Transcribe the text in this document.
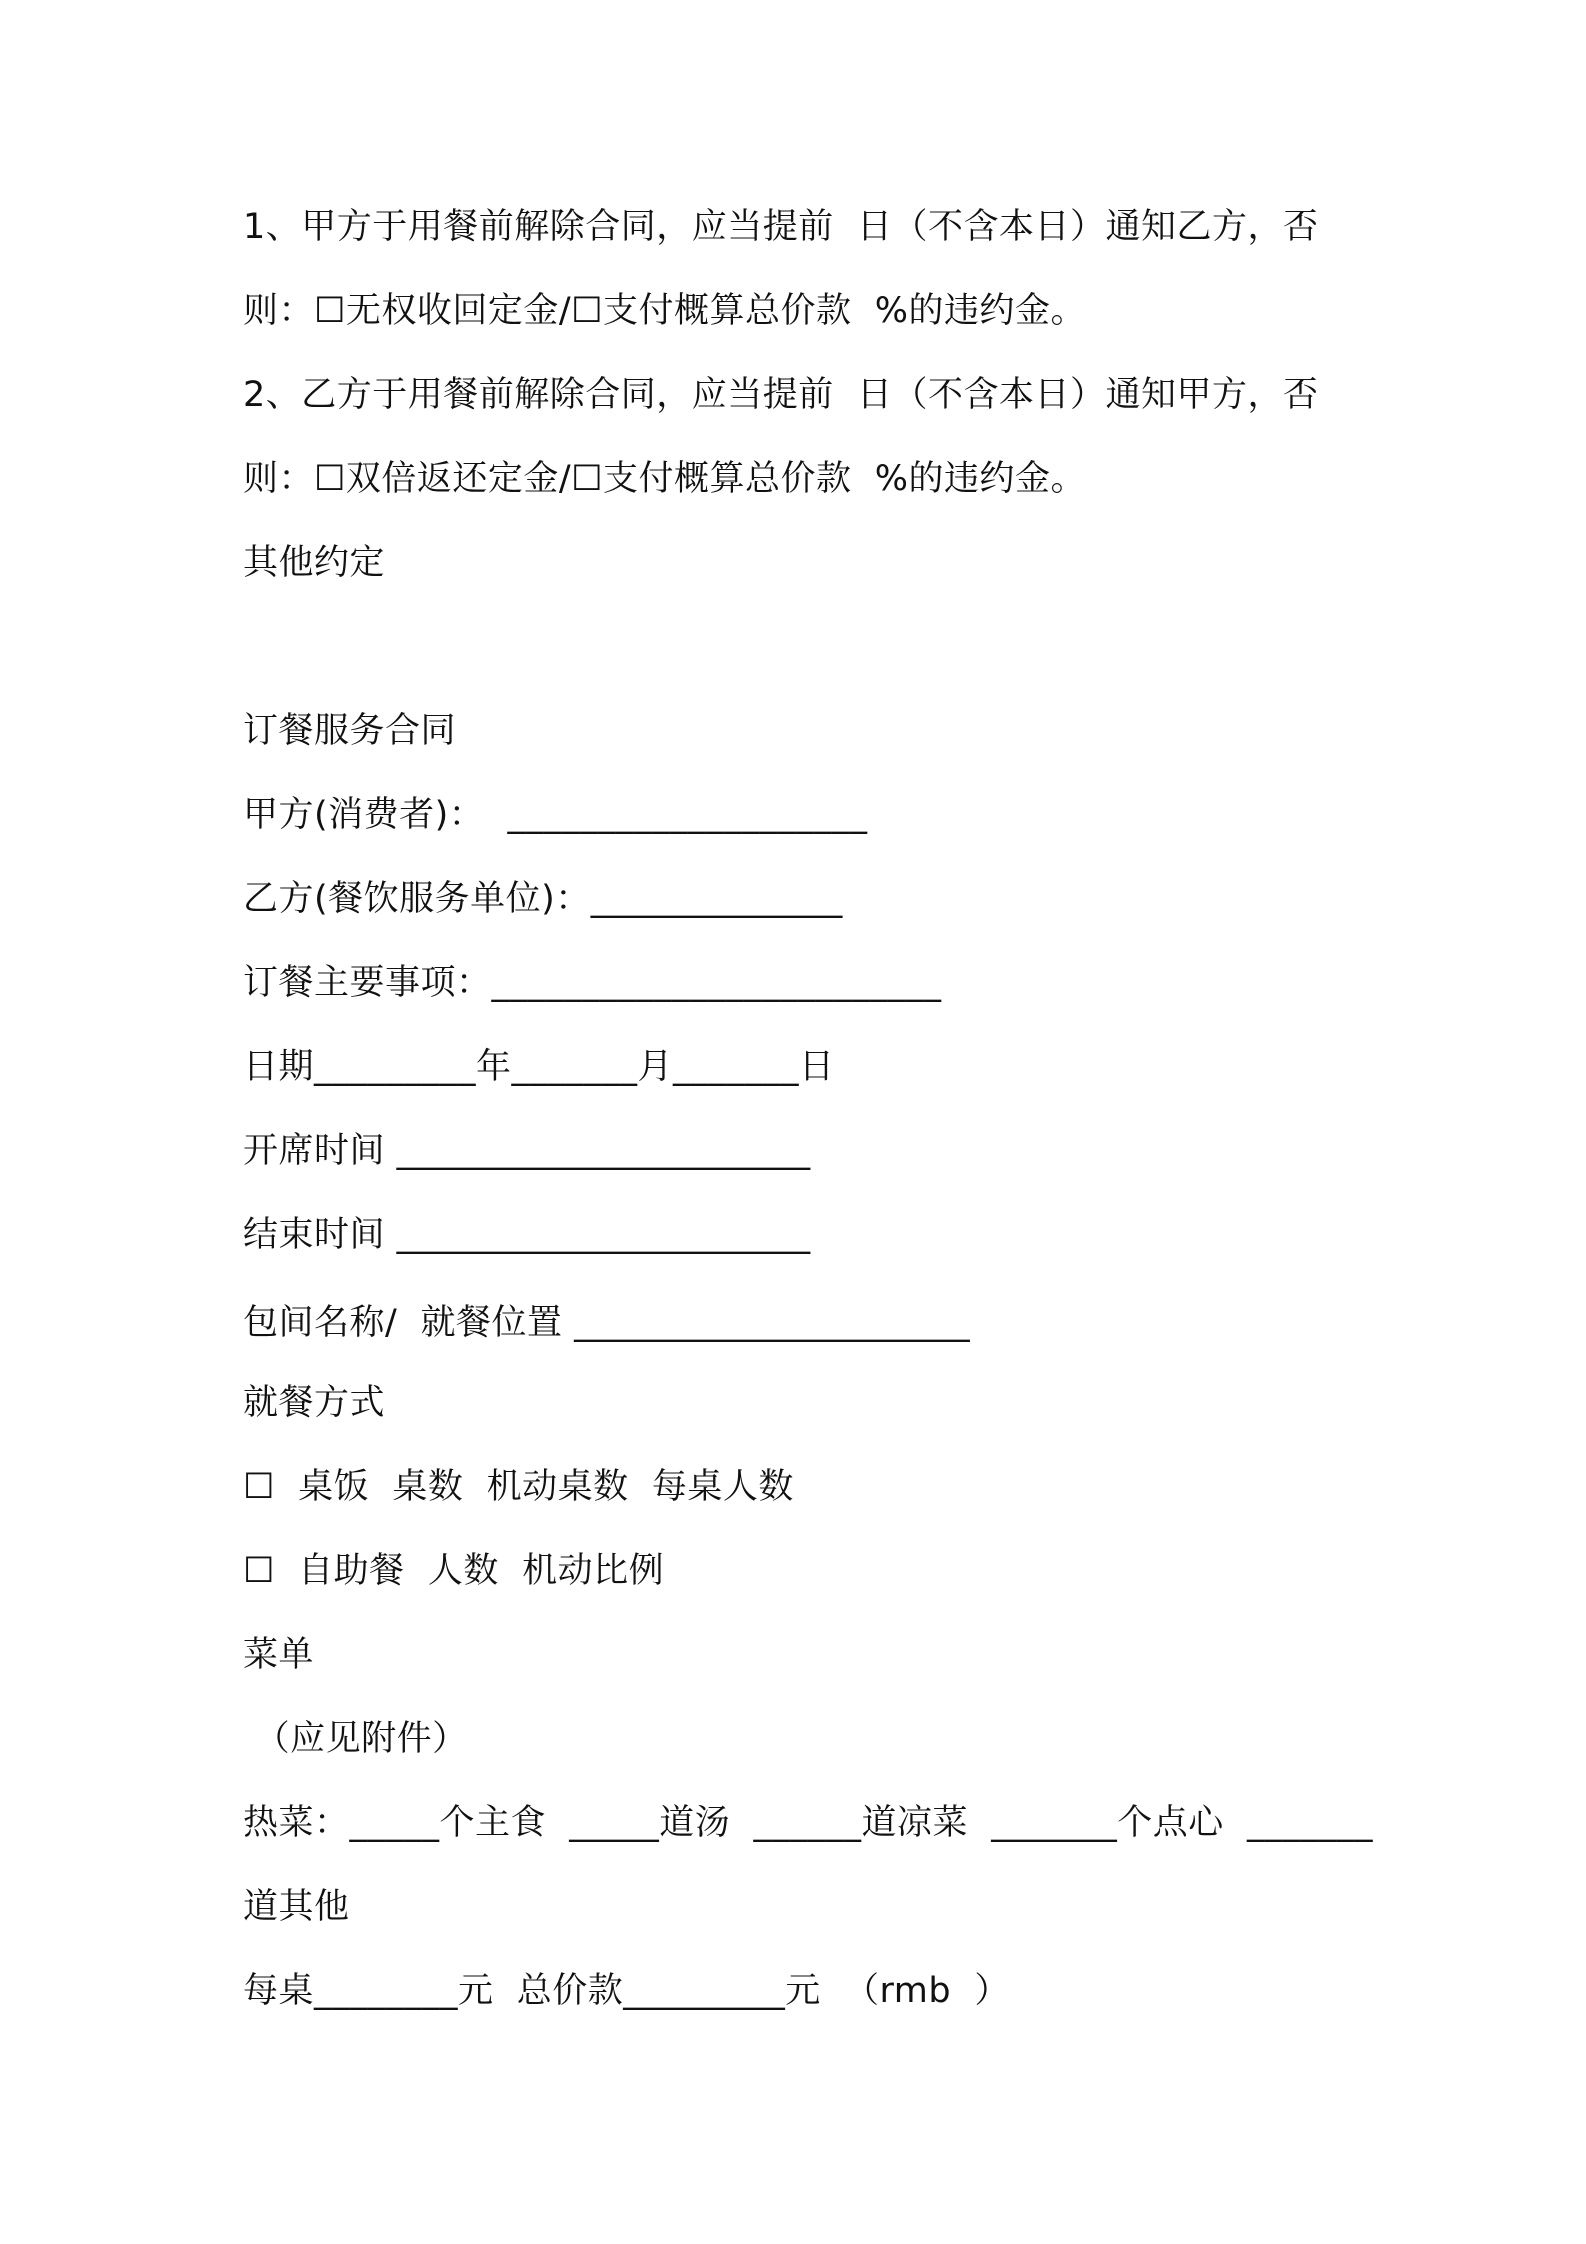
1、甲方于用餐前解除合同，应当提前  日（不含本日）通知乙方，否
则：☐无权收回定金/☐支付概算总价款  %的违约金。
2、乙方于用餐前解除合同，应当提前  日（不含本日）通知甲方，否
则：☐双倍返还定金/☐支付概算总价款  %的违约金。
其他约定
订餐服务合同
甲方(消费者)：  ____________________
乙方(餐饮服务单位)：______________
订餐主要事项：_________________________
日期_________年_______月_______日
开席时间 _______________________
结束时间 _______________________
包间名称/  就餐位置 ______________________
就餐方式
☐  桌饭  桌数  机动桌数  每桌人数
☐  自助餐  人数  机动比例
菜单
（应见附件）
热菜：_____个主食  _____道汤  ______道凉菜  _______个点心  _______
道其他
每桌________元  总价款_________元  （rmb  ）
